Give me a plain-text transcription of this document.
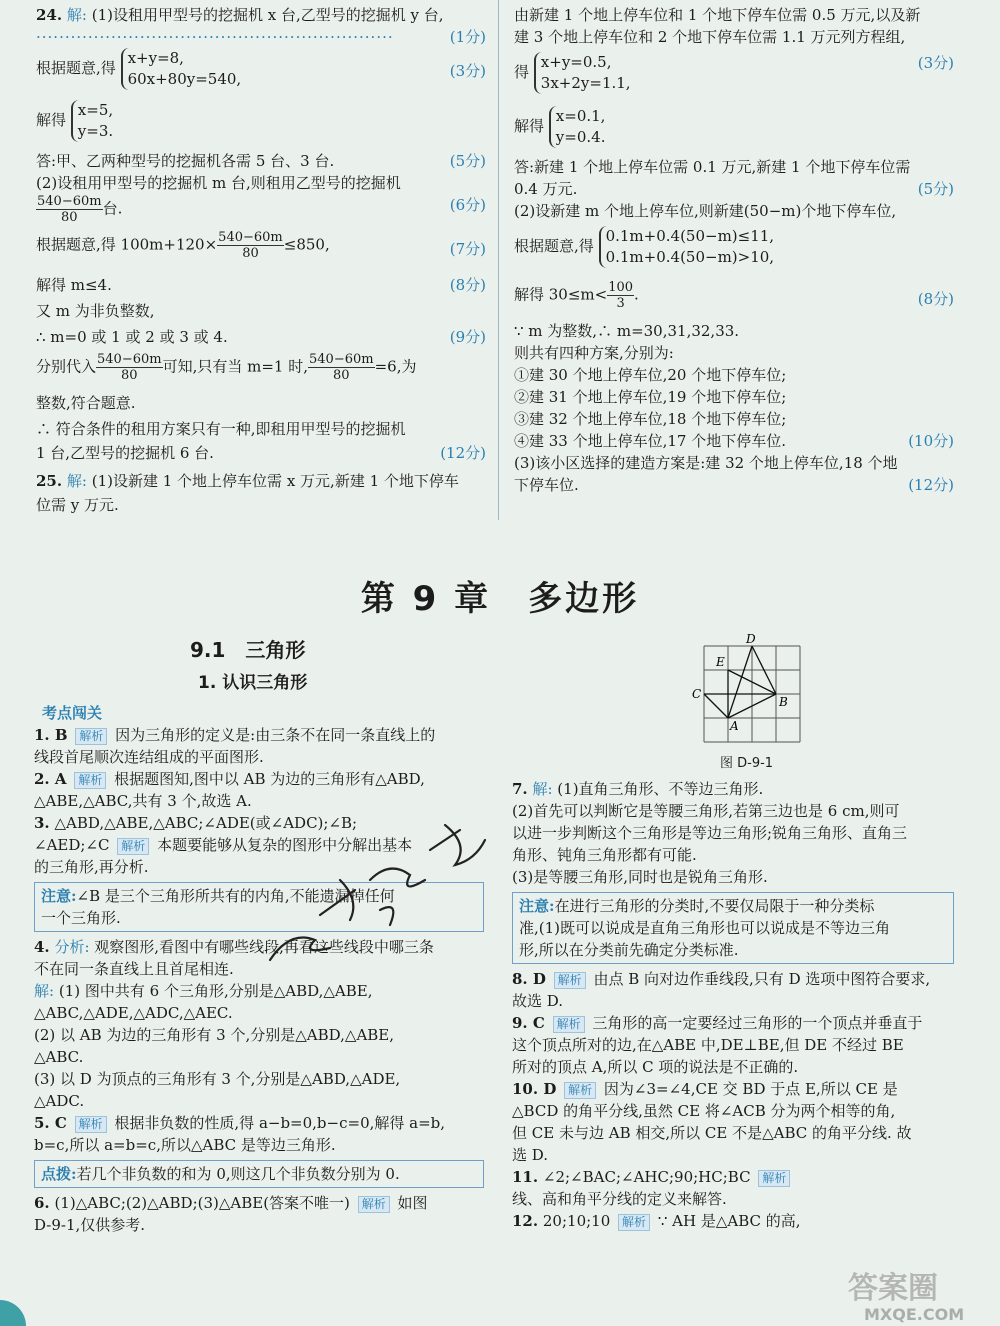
24. 解: (1)设租用甲型号的挖掘机 x 台,乙型号的挖掘机 y 台,
······························································	(1分)
根据题意,得 x+y=8,
60x+80y=540,	(3分)
解得 x=5,
y=3.
答:甲、乙两种型号的挖掘机各需 5 台、3 台.	(5分)
(2)设租用甲型号的挖掘机 m 台,则租用乙型号的挖掘机
$\frac{540-60m}{80}$ 台.	(6分)
根据题意,得 $100m+120\times \frac{540-60m}{80} \le 850$,	(7分)
解得 m≤4.	(8分)
又 m 为非负整数,
∴ m=0 或 1 或 2 或 3 或 4.	(9分)
分别代入 $\frac{540-60m}{80}$ 可知,只有当 m=1 时, $\frac{540-60m}{80} =6$,为
整数,符合题意.
∴ 符合条件的租用方案只有一种,即租用甲型号的挖掘机
1 台,乙型号的挖掘机 6 台.	(12分)
25. 解: (1)设新建 1 个地上停车位需 x 万元,新建 1 个地下停车
位需 y 万元.
由新建 1 个地上停车位和 1 个地下停车位需 0.5 万元,以及新
建 3 个地上停车位和 2 个地下停车位需 1.1 万元列方程组,
得 x+y=0.5,
3x+2y=1.1,
(3分)
解得 x=0.1,
y=0.4.
答:新建 1 个地上停车位需 0.1 万元,新建 1 个地下停车位需
0.4 万元.	(5分)
(2)设新建 m 个地上停车位,则新建(50−m)个地下停车位,
根据题意,得 0.1m+0.4(50−m)≤11,
0.1m+0.4(50−m)>10,
解得 $30\le m< \frac{100}{3}$ .	(8分)
∵ m 为整数,∴ m=30,31,32,33.
则共有四种方案,分别为:
①建 30 个地上停车位,20 个地下停车位;
②建 31 个地上停车位,19 个地下停车位;
③建 32 个地上停车位,18 个地下停车位;
④建 33 个地上停车位,17 个地下停车位.	(10分)
(3)该小区选择的建造方案是:建 32 个地上停车位,18 个地
下停车位.	(12分)
第 9 章　多边形
9.1　三角形
1. 认识三角形
考点闯关
D
E
C
B
A
图 D-9-1
1. B 解析 因为三角形的定义是:由三条不在同一条直线上的
线段首尾顺次连结组成的平面图形.
2. A 解析 根据题图知,图中以 AB 为边的三角形有△ABD,
△ABE,△ABC,共有 3 个,故选 A.
3. △ABD,△ABE,△ABC;∠ADE(或∠ADC);∠B;
∠AED;∠C 解析 本题要能够从复杂的图形中分解出基本
的三角形,再分析.
注意:∠B 是三个三角形所共有的内角,不能遗漏掉任何
一个三角形.
4. 分析: 观察图形,看图中有哪些线段,再看这些线段中哪三条
不在同一条直线上且首尾相连.
解: (1) 图中共有 6 个三角形,分别是△ABD,△ABE,
△ABC,△ADE,△ADC,△AEC.
(2) 以 AB 为边的三角形有 3 个,分别是△ABD,△ABE,
△ABC.
(3) 以 D 为顶点的三角形有 3 个,分别是△ABD,△ADE,
△ADC.
5. C 解析 根据非负数的性质,得 a−b=0,b−c=0,解得 a=b,
b=c,所以 a=b=c,所以△ABC 是等边三角形.
点拨:若几个非负数的和为 0,则这几个非负数分别为 0.
6. (1)△ABC;(2)△ABD;(3)△ABE(答案不唯一) 解析 如图
D-9-1,仅供参考.
7. 解: (1)直角三角形、不等边三角形.
(2)首先可以判断它是等腰三角形,若第三边也是 6 cm,则可
以进一步判断这个三角形是等边三角形;锐角三角形、直角三
角形、钝角三角形都有可能.
(3)是等腰三角形,同时也是锐角三角形.
注意:在进行三角形的分类时,不要仅局限于一种分类标
准,(1)既可以说成是直角三角形也可以说成是不等边三角
形,所以在分类前先确定分类标准.
8. D 解析 由点 B 向对边作垂线段,只有 D 选项中图符合要求,
故选 D.
9. C 解析 三角形的高一定要经过三角形的一个顶点并垂直于
这个顶点所对的边,在△ABE 中,DE⊥BE,但 DE 不经过 BE
所对的顶点 A,所以 C 项的说法是不正确的.
10. D 解析 因为∠3=∠4,CE 交 BD 于点 E,所以 CE 是
△BCD 的角平分线,虽然 CE 将∠ACB 分为两个相等的角,
但 CE 未与边 AB 相交,所以 CE 不是△ABC 的角平分线. 故
选 D.
11. ∠2;∠BAC;∠AHC;90;HC;BC 解析
线、高和角平分线的定义来解答.
12. 20;10;10 解析 ∵ AH 是△ABC 的高,
答案圈
MXQE.COM
